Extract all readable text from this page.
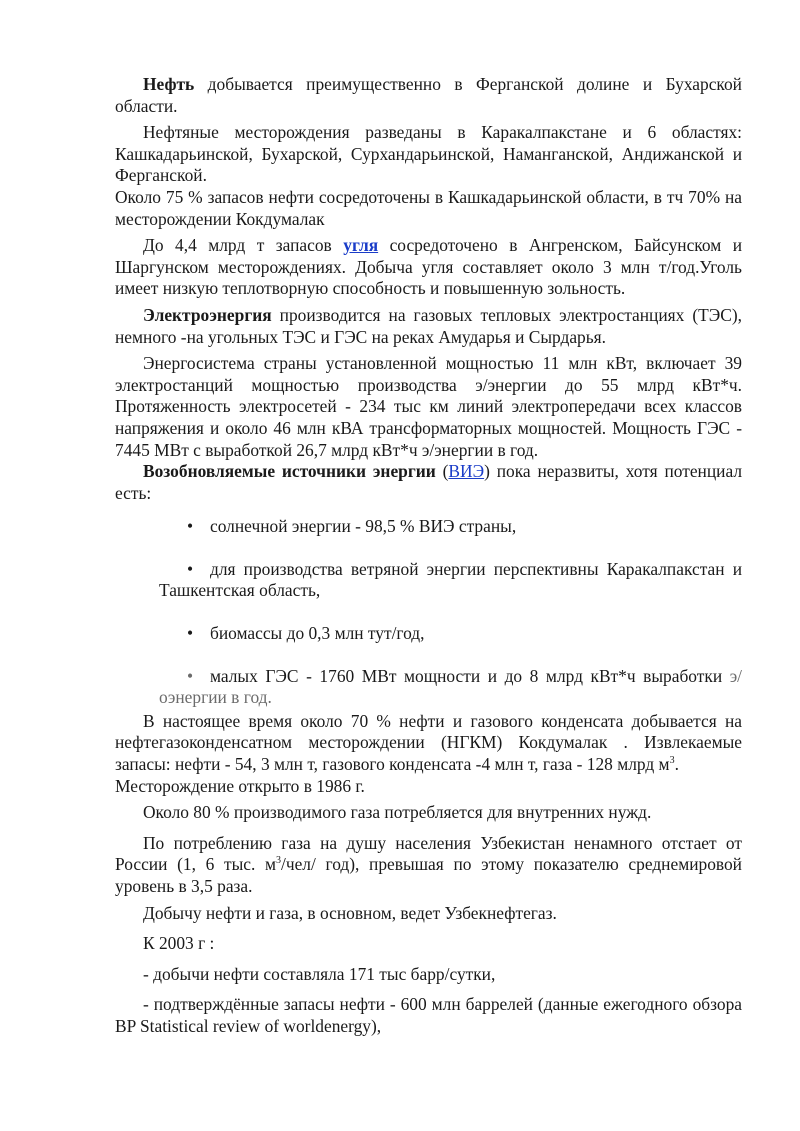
Нефть добывается преимущественно в Ферганской долине и Бухарской области.

Нефтяные месторождения разведаны в Каракалпакстане и 6 областях: Кашкадарьинской, Бухарской, Сурхандарьинской, Наманганской, Андижанской и Ферганской.

Около 75 % запасов нефти сосредоточены в Кашкадарьинской области, в тч 70% на месторождении Кокдумалак

До 4,4 млрд т запасов угля сосредоточено в Ангренском, Байсунском и Шаргунском месторождениях. Добыча угля составляет около 3 млн т/год.Уголь имеет низкую теплотворную способность и повышенную зольность.

Электроэнергия производится на газовых тепловых электростанциях (ТЭС), немного -на угольных ТЭС и ГЭС на реках Амударья и Сырдарья.

Энергосистема страны установленной мощностью 11 млн кВт, включает 39 электростанций мощностью производства э/энергии до 55 млрд кВт*ч. Протяженность электросетей - 234 тыс км линий электропередачи всех классов напряжения и около 46 млн кВА трансформаторных мощностей. Мощность ГЭС - 7445 МВт с выработкой 26,7 млрд кВт*ч э/энергии в год.

Возобновляемые источники энергии (ВИЭ) пока неразвиты, хотя потенциал есть:

• солнечной энергии - 98,5 % ВИЭ страны,

• для производства ветряной энергии перспективны Каракалпакстан и Ташкентская область,

• биомассы до 0,3 млн тут/год,

• малых ГЭС - 1760 МВт мощности и до 8 млрд кВт*ч выработки э/оэнергии в год.

В настоящее время около 70 % нефти и газового конденсата добывается на нефтегазоконденсатном месторождении (НГКМ) Кокдумалак . Извлекаемые запасы: нефти - 54, 3 млн т, газового конденсата -4 млн т, газа - 128 млрд $м^3$.

Месторождение открыто в 1986 г.

Около 80 % производимого газа потребляется для внутренних нужд.

По потреблению газа на душу населения Узбекистан ненамного отстает от России (1, 6 тыс. $м^3/чел/$ год), превышая по этому показателю среднемировой уровень в 3,5 раза.

Добычу нефти и газа, в основном, ведет Узбекнефтегаз.

К 2003 г :

- добычи нефти составляла 171 тыс барр/сутки,

- подтверждённые запасы нефти - 600 млн баррелей (данные ежегодного обзора BP Statistical review of worldenergy),
